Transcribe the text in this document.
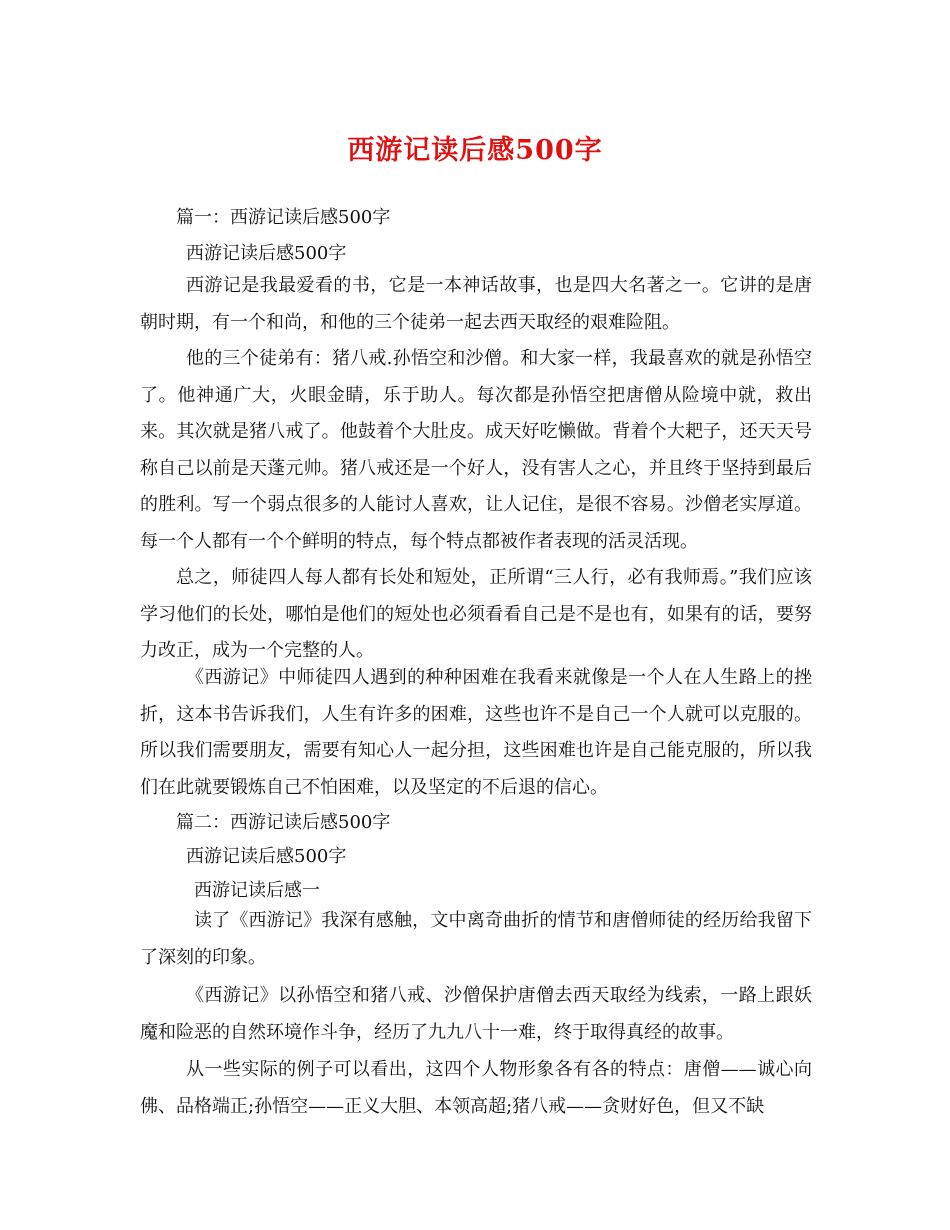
西游记读后感500字
篇一：西游记读后感500字
西游记读后感500字
西游记是我最爱看的书，它是一本神话故事，也是四大名著之一。它讲的是唐朝时期，有一个和尚，和他的三个徒弟一起去西天取经的艰难险阻。
他的三个徒弟有：猪八戒.孙悟空和沙僧。和大家一样，我最喜欢的就是孙悟空了。他神通广大，火眼金睛，乐于助人。每次都是孙悟空把唐僧从险境中就，救出来。其次就是猪八戒了。他鼓着个大肚皮。成天好吃懒做。背着个大耙子，还天天号称自己以前是天蓬元帅。猪八戒还是一个好人，没有害人之心，并且终于坚持到最后的胜利。写一个弱点很多的人能讨人喜欢，让人记住，是很不容易。沙僧老实厚道。每一个人都有一个个鲜明的特点，每个特点都被作者表现的活灵活现。
总之，师徒四人每人都有长处和短处，正所谓“三人行，必有我师焉。”我们应该学习他们的长处，哪怕是他们的短处也必须看看自己是不是也有，如果有的话，要努力改正，成为一个完整的人。
《西游记》中师徒四人遇到的种种困难在我看来就像是一个人在人生路上的挫折，这本书告诉我们，人生有许多的困难，这些也许不是自己一个人就可以克服的。所以我们需要朋友，需要有知心人一起分担，这些困难也许是自己能克服的，所以我们在此就要锻炼自己不怕困难，以及坚定的不后退的信心。
篇二：西游记读后感500字
西游记读后感500字
西游记读后感一
读了《西游记》我深有感触，文中离奇曲折的情节和唐僧师徒的经历给我留下了深刻的印象。
《西游记》以孙悟空和猪八戒、沙僧保护唐僧去西天取经为线索，一路上跟妖魔和险恶的自然环境作斗争，经历了九九八十一难，终于取得真经的故事。
从一些实际的例子可以看出，这四个人物形象各有各的特点：唐僧——诚心向佛、品格端正;孙悟空——正义大胆、本领高超;猪八戒——贪财好色，但又不缺
